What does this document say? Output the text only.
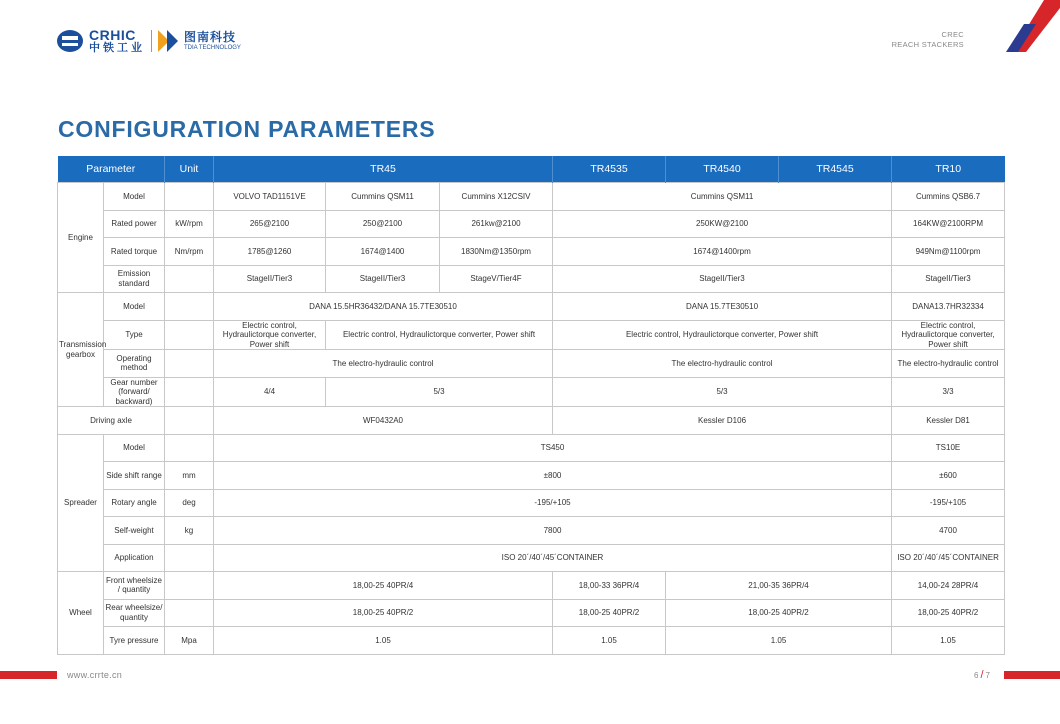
CRHIC
中铁工业
图南科技
TDIA TECHNOLOGY
CREC
REACH STACKERS
CONFIGURATION PARAMETERS
Parameter		Unit	TR45			TR4535	TR4540	TR4545	TR10
Engine	Model		VOLVO TAD1151VE	Cummins QSM11	Cummins X12CSIV	Cummins QSM11			Cummins QSB6.7
	Rated power	kW/rpm	265@2100	250@2100	261kw@2100	250KW@2100			164KW@2100RPM
	Rated torque	Nm/rpm	1785@1260	1674@1400	1830Nm@1350rpm	1674@1400rpm			949Nm@1100rpm
	Emission standard		StageII/Tier3	StageII/Tier3	StageV/Tier4F	StageII/Tier3			StageII/Tier3
Transmission gearbox	Model		DANA 15.5HR36432/DANA 15.7TE30510			DANA 15.7TE30510			DANA13.7HR32334
	Type		Electric control, Hydraulictorque converter, Power shift	Electric control, Hydraulictorque converter, Power shift		Electric control, Hydraulictorque converter, Power shift			Electric control, Hydraulictorque converter, Power shift
	Operating method		The electro-hydraulic control			The electro-hydraulic control			The electro-hydraulic control
	Gear number (forward/ backward)		4/4	5/3		5/3			3/3
Driving axle			WF0432A0			Kessler D106			Kessler D81
Spreader	Model		TS450						TS10E
	Side shift range	mm	±800						±600
	Rotary angle	deg	-195/+105						-195/+105
	Self-weight	kg	7800						4700
	Application		ISO 20´/40´/45´CONTAINER						ISO 20´/40´/45´CONTAINER
Wheel	Front wheelsize / quantity		18,00-25 40PR/4			18,00-33 36PR/4	21,00-35 36PR/4		14,00-24 28PR/4
	Rear wheelsize/ quantity		18,00-25 40PR/2			18,00-25 40PR/2	18,00-25 40PR/2		18,00-25 40PR/2
	Tyre pressure	Mpa	1.05			1.05	1.05		1.05
www.crrte.cn	6 / 7
